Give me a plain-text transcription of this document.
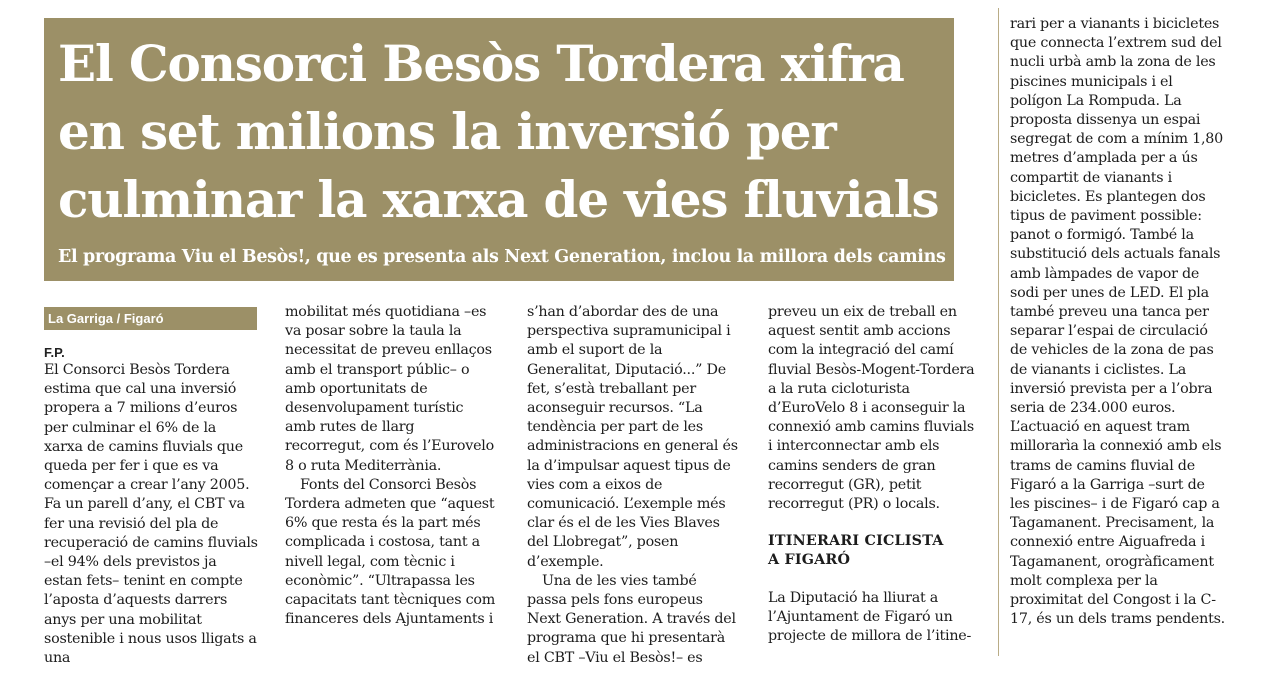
El Consorci Besòs Tordera xifra en set milions la inversió per culminar la xarxa de vies fluvials

El programa Viu el Besòs!, que es presenta als Next Generation, inclou la millora dels camins

La Garriga / Figaró
F.P.

El Consorci Besòs Tordera estima que cal una inversió propera a 7 milions d’euros per culminar el 6% de la xarxa de camins fluvials que queda per fer i que es va començar a crear l’any 2005. Fa un parell d’any, el CBT va fer una revisió del pla de recuperació de camins fluvials –el 94% dels previstos ja estan fets– tenint en compte l’aposta d’aquests darrers anys per una mobilitat sostenible i nous usos lligats a una

mobilitat més quotidiana –es va posar sobre la taula la necessitat de preveu enllaços amb el transport públic– o amb oportunitats de desenvolupament turístic amb rutes de llarg recorregut, com és l’Eurovelo 8 o ruta Mediterrània.

Fonts del Consorci Besòs Tordera admeten que “aquest 6% que resta és la part més complicada i costosa, tant a nivell legal, com tècnic i econòmic”. “Ultrapassa les capacitats tant tècniques com financeres dels Ajuntaments i

s’han d’abordar des de una perspectiva supramunicipal i amb el suport de la Generalitat, Diputació...” De fet, s’està treballant per aconseguir recursos. “La tendència per part de les administracions en general és la d’impulsar aquest tipus de vies com a eixos de comunicació. L’exemple més clar és el de les Vies Blaves del Llobregat”, posen d’exemple.

Una de les vies també passa pels fons europeus Next Generation. A través del programa que hi presentarà el CBT –Viu el Besòs!– es

preveu un eix de treball en aquest sentit amb accions com la integració del camí fluvial Besòs-Mogent-Tordera a la ruta cicloturista d’EuroVelo 8 i aconseguir la connexió amb camins fluvials i interconnectar amb els camins senders de gran recorregut (GR), petit recorregut (PR) o locals.

ITINERARI CICLISTA A FIGARÓ

La Diputació ha lliurat a l’Ajuntament de Figaró un projecte de millora de l’itine-

rari per a vianants i bicicletes que connecta l’extrem sud del nucli urbà amb la zona de les piscines municipals i el polígon La Rompuda. La proposta dissenya un espai segregat de com a mínim 1,80 metres d’amplada per a ús compartit de vianants i bicicletes. Es plantegen dos tipus de paviment possible: panot o formigó. També la substitució dels actuals fanals amb làmpades de vapor de sodi per unes de LED. El pla també preveu una tanca per separar l’espai de circulació de vehicles de la zona de pas de vianants i ciclistes. La inversió prevista per a l’obra seria de 234.000 euros. L’actuació en aquest tram millorarìa la connexió amb els trams de camins fluvial de Figaró a la Garriga –surt de les piscines– i de Figaró cap a Tagamanent. Precisament, la connexió entre Aiguafreda i Tagamanent, orogràficament molt complexa per la proximitat del Congost i la C-17, és un dels trams pendents.
